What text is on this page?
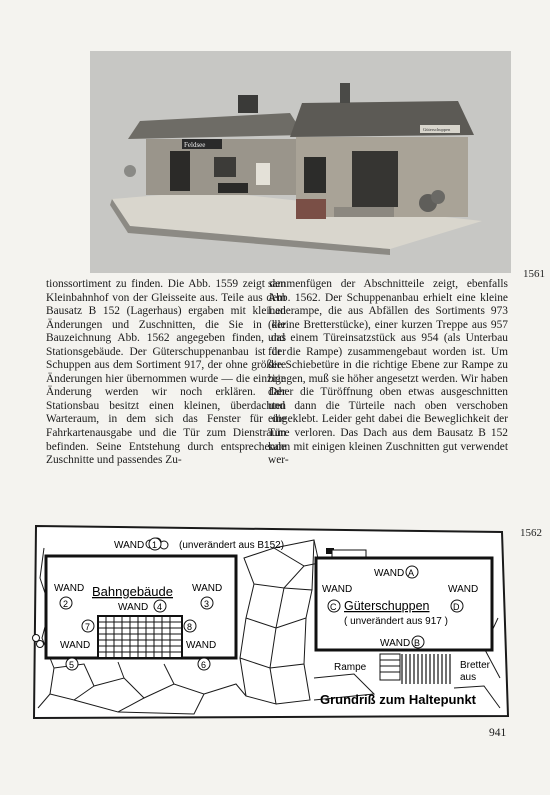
Feldsee
Güterschuppen
1561

tionssortiment zu finden. Die Abb. 1559 zeigt den Kleinbahnhof von der Gleisseite aus. Teile aus dem Bausatz B 152 (Lagerhaus) ergaben mit kleinen Änderungen und Zuschnitten, die Sie in der Bauzeichnung Abb. 1562 angegeben finden, das Stationsgebäude. Der Güterschuppenanbau ist der Schuppen aus dem Sortiment 917, der ohne größere Änderungen hier übernommen wurde — die einzige Änderung werden wir noch erklären. Der Stationsbau besitzt einen kleinen, überdachten Warteraum, in dem sich das Fenster für die Fahrkartenausgabe und die Tür zum Dienstraum befinden. Seine Entstehung durch entsprechende Zuschnitte und passendes Zu-

sammenfügen der Abschnitteile zeigt, ebenfalls Abb. 1562. Der Schuppenanbau erhielt eine kleine Laderampe, die aus Abfällen des Sortiments 973 (kleine Bretterstücke), einer kurzen Treppe aus 957 und einem Türeinsatzstück aus 954 (als Unterbau für die Rampe) zusammengebaut worden ist. Um die Schiebetüre in die richtige Ebene zur Rampe zu bringen, muß sie höher angesetzt werden. Wir haben daher die Türöffnung oben etwas ausgeschnitten und dann die Türteile nach oben verschoben eingeklebt. Leider geht dabei die Beweglichkeit der Türe verloren. Das Dach aus dem Bausatz B 152 kann mit einigen kleinen Zuschnitten gut verwendet wer-

1562
WAND 1 (unverändert aus B152)
WAND
2
Bahngebäude WAND
3
WAND 4
7	8
WAND	WAND
5	6
WAND A
WAND	WAND
C Güterschuppen	D
( unverändert aus 917 )
WAND B
Rampe	Bretter
aus
Grundriß zum Haltepunkt
941
